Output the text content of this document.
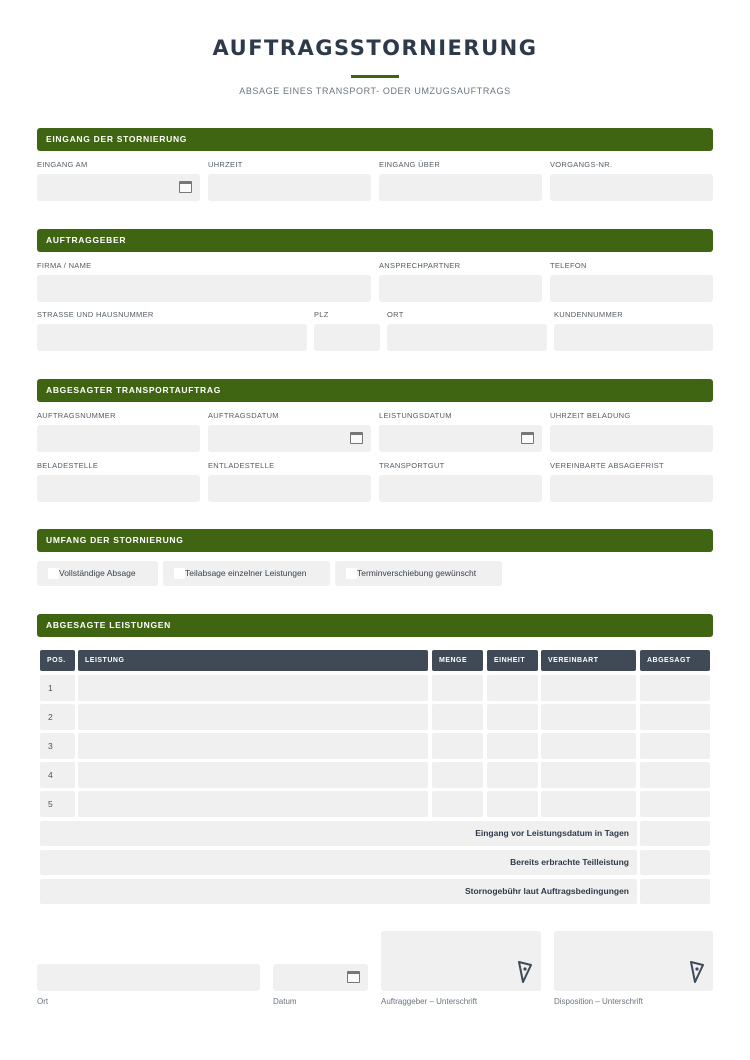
AUFTRAGSSTORNIERUNG
ABSAGE EINES TRANSPORT- ODER UMZUGSAUFTRAGS
EINGANG DER STORNIERUNG
EINGANG AM	UHRZEIT	EINGANG ÜBER	VORGANGS-NR.
AUFTRAGGEBER
FIRMA / NAME	ANSPRECHPARTNER	TELEFON
STRASSE UND HAUSNUMMER	PLZ	ORT	KUNDENNUMMER
ABGESAGTER TRANSPORTAUFTRAG
AUFTRAGSNUMMER	AUFTRAGSDATUM	LEISTUNGSDATUM	UHRZEIT BELADUNG
BELADESTELLE	ENTLADESTELLE	TRANSPORTGUT	VEREINBARTE ABSAGEFRIST
UMFANG DER STORNIERUNG
Vollständige Absage	Teilabsage einzelner Leistungen	Terminverschiebung gewünscht
ABGESAGTE LEISTUNGEN
POS.	LEISTUNG	MENGE	EINHEIT	VEREINBART	ABGESAGT
1
2
3
4
5
Eingang vor Leistungsdatum in Tagen
Bereits erbrachte Teilleistung
Stornogebühr laut Auftragsbedingungen
Ort	Datum	Auftraggeber – Unterschrift	Disposition – Unterschrift
